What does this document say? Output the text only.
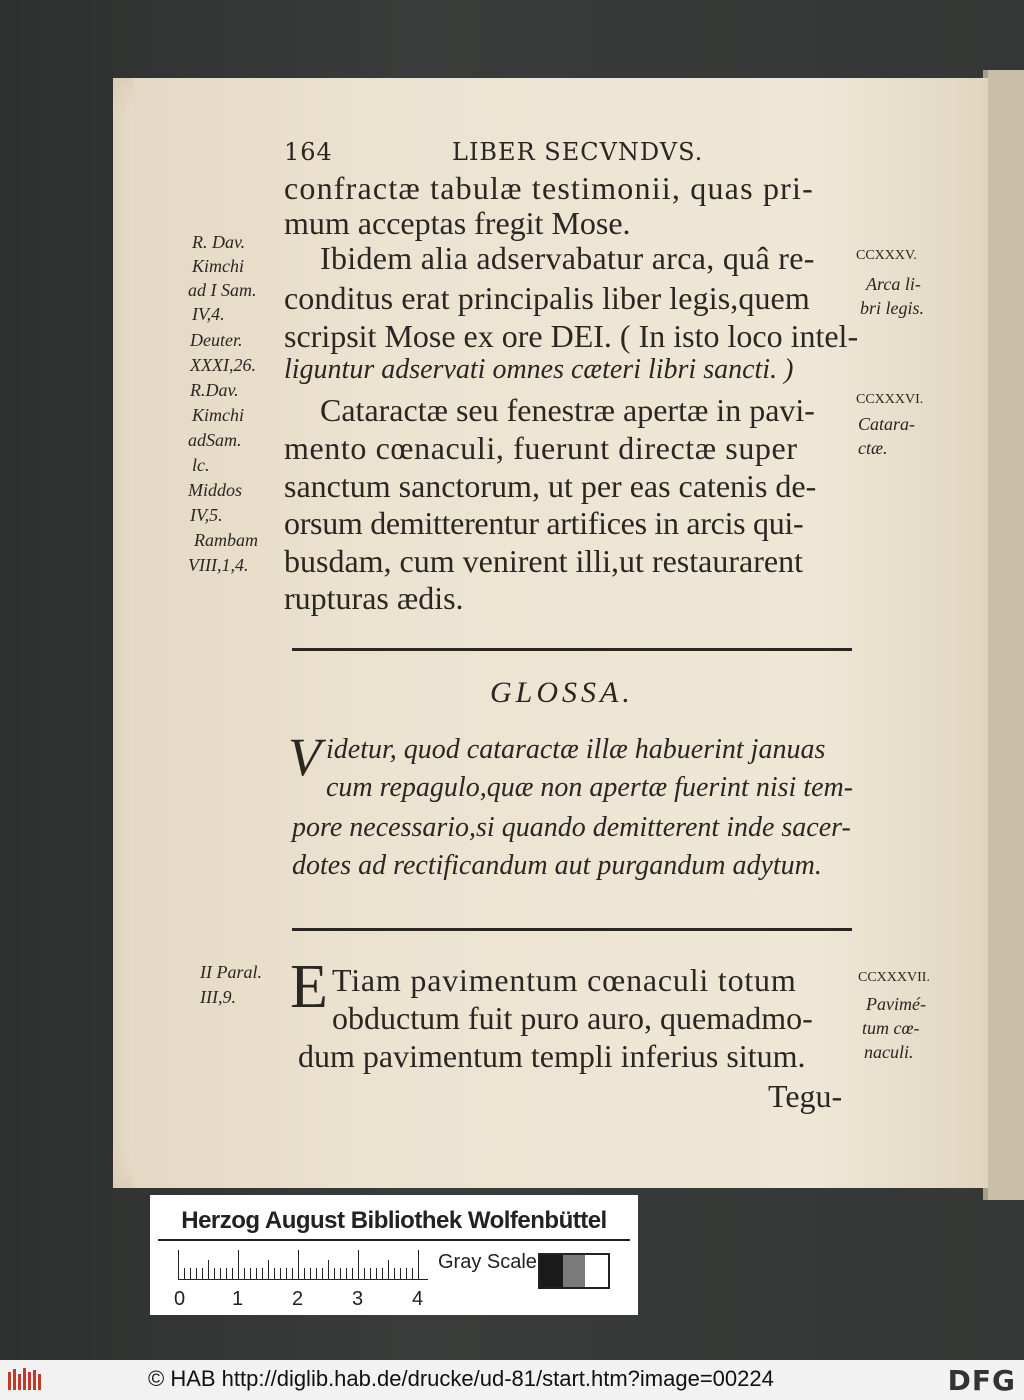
164	LIBER SECVNDVS.
confractæ tabulæ testimonii, quas pri-
mum acceptas fregit Mose.
Ibidem alia adservabatur arca, quâ re-
conditus erat principalis liber legis,quem
scripsit Mose ex ore DEI. ( In isto loco intel-
liguntur adservati omnes cæteri libri sancti. )
Cataractæ seu fenestræ apertæ in pavi-
mento cœnaculi, fuerunt directæ super
sanctum sanctorum, ut per eas catenis de-
orsum demitterentur artifices in arcis qui-
busdam, cum venirent illi,ut restaurarent
rupturas ædis.
R. Dav.
Kimchi
ad I Sam.
IV,4.
Deuter.
XXXI,26.
R.Dav.
Kimchi
adSam.
lc.
Middos
IV,5.
Rambam
VIII,1,4.
CCXXXV.
Arca li-
bri legis.
CCXXXVI.
Catara-
ctæ.
GLOSSA.
V idetur, quod cataractæ illæ habuerint januas
cum repagulo,quæ non apertæ fuerint nisi tem-
pore necessario,si quando demitterent inde sacer-
dotes ad rectificandum aut purgandum adytum.
II Paral.
III,9. E Tiam pavimentum cœnaculi totum
obductum fuit puro auro, quemadmo-
dum pavimentum templi inferius situm.
Tegu-
CCXXXVII.
Pavimé-
tum cœ-
naculi.
Herzog August Bibliothek Wolfenbüttel
0 1 2 3 4
Gray Scale
© HAB http://diglib.hab.de/drucke/ud-81/start.htm?image=00224	DFG
